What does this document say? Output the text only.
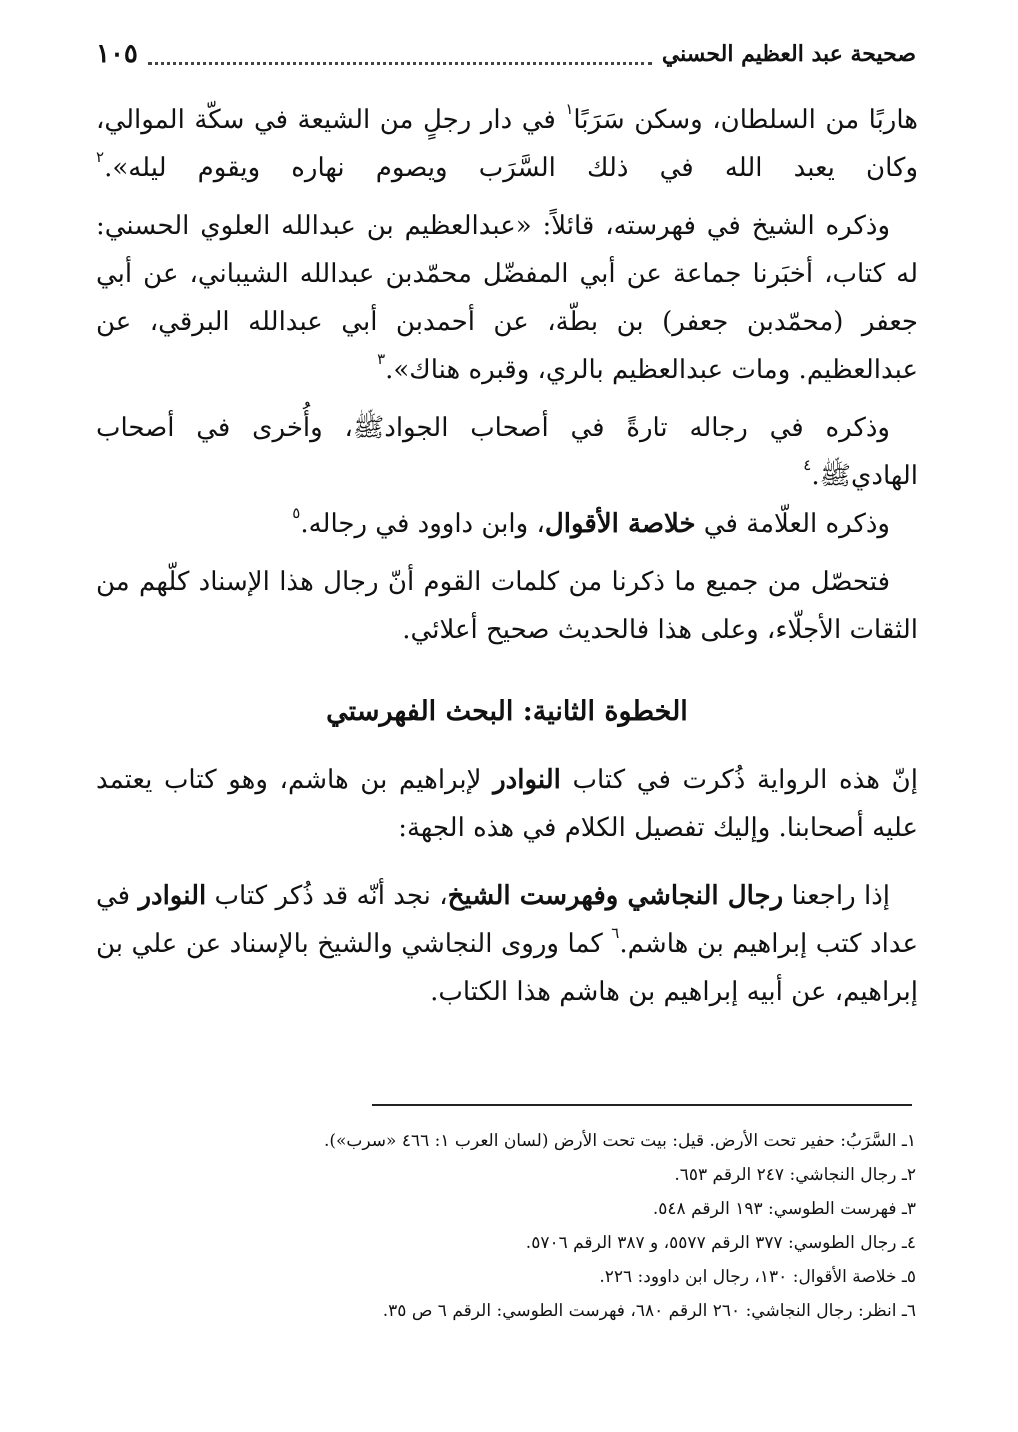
صحيحة عبد العظيم الحسني
١٠٥

هاربًا من السلطان، وسكن سَرَبًا$^١$ في دار رجلٍ من الشيعة في سكّة الموالي، وكان يعبد الله في ذلك السَّرَب ويصوم نهاره ويقوم ليله».$^٢$

وذكره الشيخ في فهرسته، قائلاً: «عبدالعظيم بن عبدالله العلوي الحسني: له كتاب، أخبَرنا جماعة عن أبي المفضّل محمّدبن عبدالله الشيباني، عن أبي جعفر (محمّدبن جعفر) بن بطّة، عن أحمدبن أبي عبدالله البرقي، عن عبدالعظيم. ومات عبدالعظيم بالري، وقبره هناك».$^٣$

وذكره في رجاله تارةً في أصحاب الجوادﷺ، وأُخرى في أصحاب الهاديﷺ.$^٤$

وذكره العلّامة في خلاصة الأقوال، وابن داوود في رجاله.$^٥$

فتحصّل من جميع ما ذكرنا من كلمات القوم أنّ رجال هذا الإسناد كلّهم من الثقات الأجلّاء، وعلى هذا فالحديث صحيح أعلائي.

الخطوة الثانية: البحث الفهرستي

إنّ هذه الرواية ذُكرت في كتاب النوادر لإبراهيم بن هاشم، وهو كتاب يعتمد عليه أصحابنا. وإليك تفصيل الكلام في هذه الجهة:

إذا راجعنا رجال النجاشي وفهرست الشيخ، نجد أنّه قد ذُكر كتاب النوادر في عداد كتب إبراهيم بن هاشم.$^٦$ كما وروى النجاشي والشيخ بالإسناد عن علي بن إبراهيم، عن أبيه إبراهيم بن هاشم هذا الكتاب.

١ـ السَّرَبُ: حفير تحت الأرض. قيل: بيت تحت الأرض (لسان العرب ١: ٤٦٦ «سرب»).

٢ـ رجال النجاشي: ٢٤٧ الرقم ٦٥٣.

٣ـ فهرست الطوسي: ١٩٣ الرقم ٥٤٨.

٤ـ رجال الطوسي: ٣٧٧ الرقم ٥٥٧٧، و ٣٨٧ الرقم ٥٧٠٦.

٥ـ خلاصة الأقوال: ١٣٠، رجال ابن داوود: ٢٢٦.

٦ـ انظر: رجال النجاشي: ٢٦٠ الرقم ٦٨٠، فهرست الطوسي: الرقم ٦ ص ٣٥.
